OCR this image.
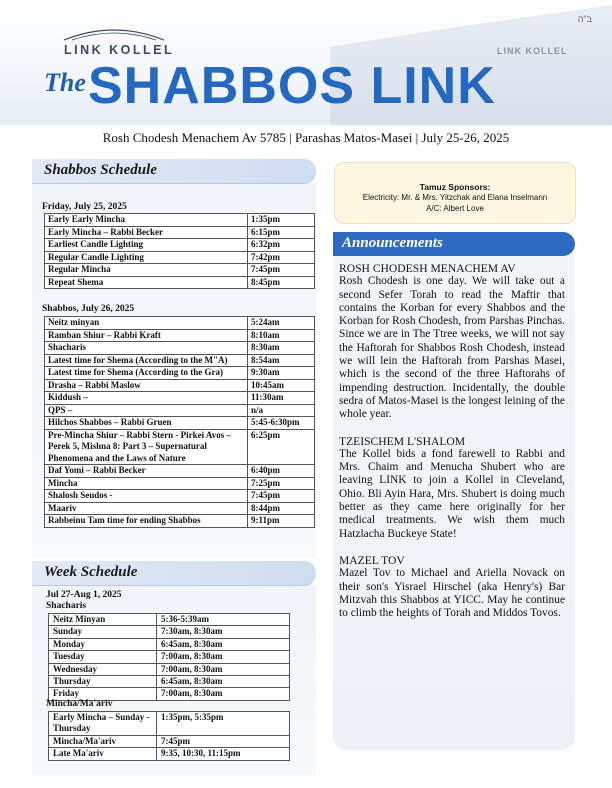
LINK KOLLEL
ב"ה
LINK KOLLEL
The SHABBOS LINK
Rosh Chodesh Menachem Av 5785 | Parashas Matos-Masei | July 25-26, 2025
Shabbos Schedule
Friday, July 25, 2025
Early Early Mincha	1:35pm
Early Mincha – Rabbi Becker	6:15pm
Earliest Candle Lighting	6:32pm
Regular Candle Lighting	7:42pm
Regular Mincha	7:45pm
Repeat Shema	8:45pm
Shabbos, July 26, 2025
Neitz minyan	5:24am
Ramban Shiur – Rabbi Kraft	8:10am
Shacharis	8:30am
Latest time for Shema (According to the M"A)	8:54am
Latest time for Shema (According to the Gra)	9:30am
Drasha – Rabbi Maslow	10:45am
Kiddush –	11:30am
QPS –	n/a
Hilchos Shabbos – Rabbi Gruen	5:45-6:30pm
Pre-Mincha Shiur – Rabbi Stern - Pirkei Avos – Perek 5, Mishna 8: Part 3 – Supernatural Phenomena and the Laws of Nature	6:25pm
Daf Yomi – Rabbi Becker	6:40pm
Mincha	7:25pm
Shalosh Seudos -	7:45pm
Maariv	8:44pm
Rabbeinu Tam time for ending Shabbos	9:11pm
Week Schedule
Jul 27-Aug 1, 2025
Shacharis
Neitz Minyan	5:36-5:39am
Sunday	7:30am, 8:30am
Monday	6:45am, 8:30am
Tuesday	7:00am, 8:30am
Wednesday	7:00am, 8:30am
Thursday	6:45am, 8:30am
Friday	7:00am, 8:30am
Mincha/Ma'ariv
Early Mincha – Sunday - Thursday	1:35pm, 5:35pm
Mincha/Ma'ariv	7:45pm
Late Ma'ariv	9:35, 10:30, 11:15pm
Tamuz Sponsors:
Electricity: Mr. & Mrs. Yitzchak and Elana Inselmann
A/C: Albert Love
Announcements
ROSH CHODESH MENACHEM AV

Rosh Chodesh is one day. We will take out a second Sefer Torah to read the Maftir that contains the Korban for every Shabbos and the Korban for Rosh Chodesh, from Parshas Pinchas.

Since we are in The Ttree weeks, we will not say the Haftorah for Shabbos Rosh Chodesh, instead we will lein the Haftorah from Parshas Masei, which is the second of the three Haftorahs of impending destruction. Incidentally, the double sedra of Matos-Masei is the longest leining of the whole year.

TZEISCHEM L'SHALOM

The Kollel bids a fond farewell to Rabbi and Mrs. Chaim and Menucha Shubert who are leaving LINK to join a Kollel in Cleveland, Ohio. Bli Ayin Hara, Mrs. Shubert is doing much better as they came here originally for her medical treatments. We wish them much Hatzlacha Buckeye State!

MAZEL TOV

Mazel Tov to Michael and Ariella Novack on their son's Yisrael Hirschel (aka Henry's) Bar Mitzvah this Shabbos at YICC. May he continue to climb the heights of Torah and Middos Tovos.
